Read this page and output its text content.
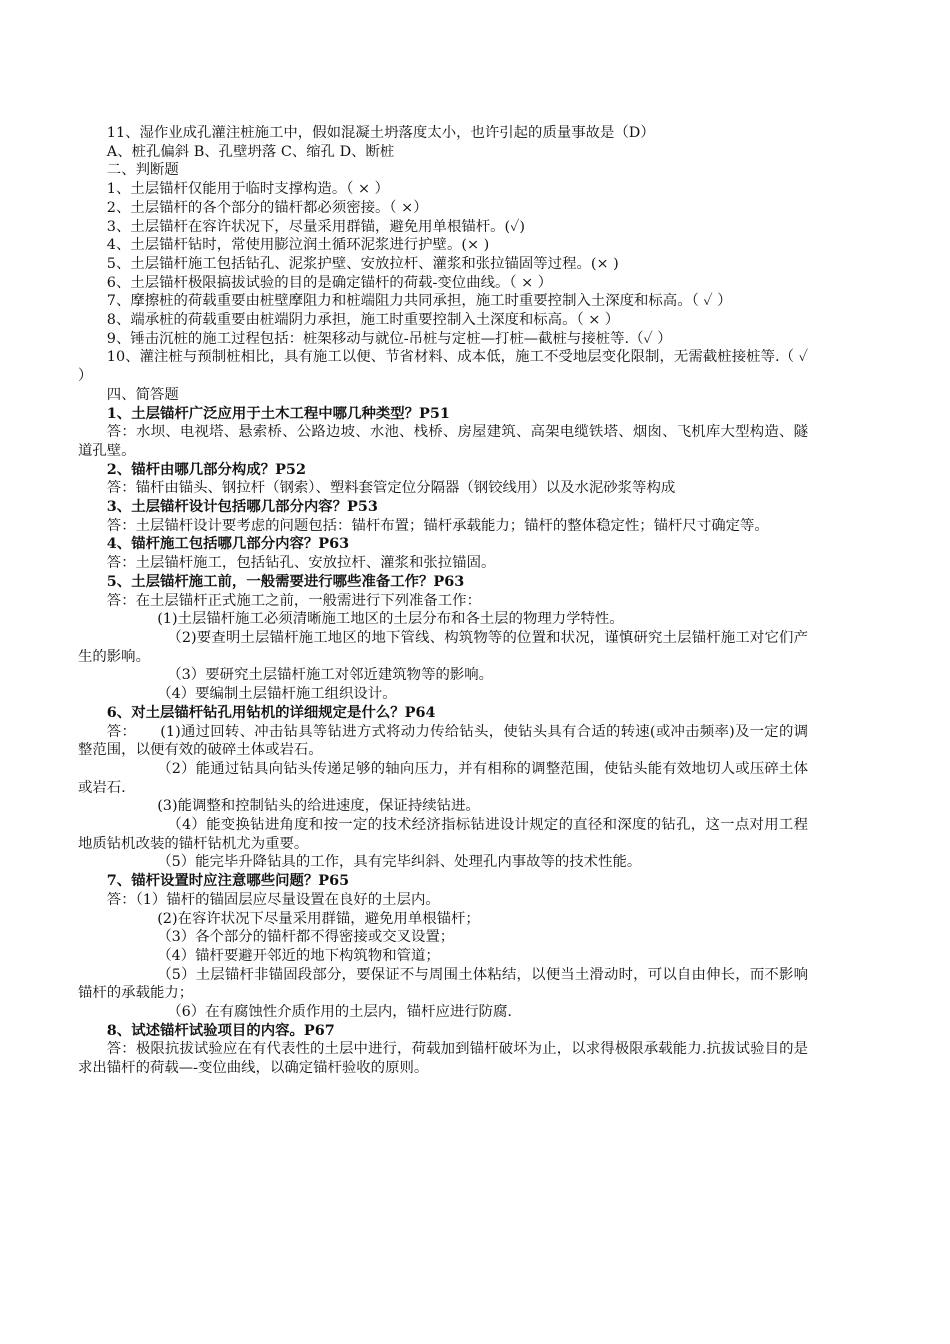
11、湿作业成孔灌注桩施工中，假如混凝土坍落度太小，也许引起的质量事故是（D）

A、桩孔偏斜 B、孔壁坍落 C、缩孔 D、断桩

二、判断题

1、土层锚杆仅能用于临时支撑构造。（ × ）

2、土层锚杆的各个部分的锚杆都必须密接。（ ×）

3、土层锚杆在容许状况下，尽量采用群锚，避免用单根锚杆。(✓)

4、土层锚杆钻时，常使用膨泣润土循环泥浆进行护壁。(× )

5、土层锚杆施工包括钻孔、泥浆护壁、安放拉杆、灌浆和张拉锚固等过程。(× )

6、土层锚杆极限搞拔试验的目的是确定锚杆的荷载-变位曲线。（ × ）

7、摩擦桩的荷载重要由桩壁摩阻力和桩端阻力共同承担，施工时重要控制入土深度和标高。（ ✓ ）

8、端承桩的荷载重要由桩端阴力承担，施工时重要控制入土深度和标高。（ × ）

9、锤击沉桩的施工过程包括：桩架移动与就位-吊桩与定桩—打桩—截桩与接桩等.（✓ ）

10、灌注桩与预制桩相比，具有施工以便、节省材料、成本低，施工不受地层变化限制，无需截桩接桩等.（ ✓ ）

四、简答题

1、土层锚杆广泛应用于土木工程中哪几种类型？P51

答：水坝、电视塔、悬索桥、公路边坡、水池、栈桥、房屋建筑、高架电缆铁塔、烟囱、飞机库大型构造、隧道孔壁。

2、锚杆由哪几部分构成？P52

答：锚杆由锚头、钢拉杆（钢索）、塑料套管定位分隔器（钢铰线用）以及水泥砂浆等构成

3、土层锚杆设计包括哪几部分内容？P53

答：土层锚杆设计要考虑的问题包括：锚杆布置；锚杆承载能力；锚杆的整体稳定性；锚杆尺寸确定等。

4、锚杆施工包括哪几部分内容？P63

答：土层锚杆施工，包括钻孔、安放拉杆、灌浆和张拉锚固。

5、土层锚杆施工前，一般需要进行哪些准备工作？P63

答：在土层锚杆正式施工之前，一般需进行下列准备工作：

(1)土层锚杆施工必须清晰施工地区的土层分布和各土层的物理力学特性。

（2)要查明土层锚杆施工地区的地下管线、构筑物等的位置和状况，谨慎研究土层锚杆施工对它们产生的影响。

（3）要研究土层锚杆施工对邻近建筑物等的影响。

（4）要编制土层锚杆施工组织设计。

6、对土层锚杆钻孔用钻机的详细规定是什么？P64

答：     (1)通过回转、冲击钻具等钻进方式将动力传给钻头，使钻头具有合适的转速(或冲击频率)及一定的调整范围，以便有效的破碎土体或岩石。

（2）能通过钻具向钻头传递足够的轴向压力，并有相称的调整范围，使钻头能有效地切人或压碎土体或岩石.

(3)能调整和控制钻头的给进速度，保证持续钻进。

（4）能变换钻进角度和按一定的技术经济指标钻进设计规定的直径和深度的钻孔，这一点对用工程地质钻机改装的锚杆钻机尤为重要。

（5）能完毕升降钻具的工作，具有完毕纠斜、处理孔内事故等的技术性能。

7、锚杆设置时应注意哪些问题？P65

答：（1）锚杆的锚固层应尽量设置在良好的土层内。

(2)在容许状况下尽量采用群锚，避免用单根锚杆；

（3）各个部分的锚杆都不得密接或交叉设置；

（4）锚杆要避开邻近的地下构筑物和管道；

（5）土层锚杆非锚固段部分，要保证不与周围土体粘结，以便当土滑动时，可以自由伸长，而不影响锚杆的承载能力；

（6）在有腐蚀性介质作用的土层内，锚杆应进行防腐.

8、试述锚杆试验项目的内容。P67

答：极限抗拔试验应在有代表性的土层中进行，荷载加到锚杆破坏为止，以求得极限承载能力.抗拔试验目的是求出锚杆的荷载—-变位曲线，以确定锚杆验收的原则。
